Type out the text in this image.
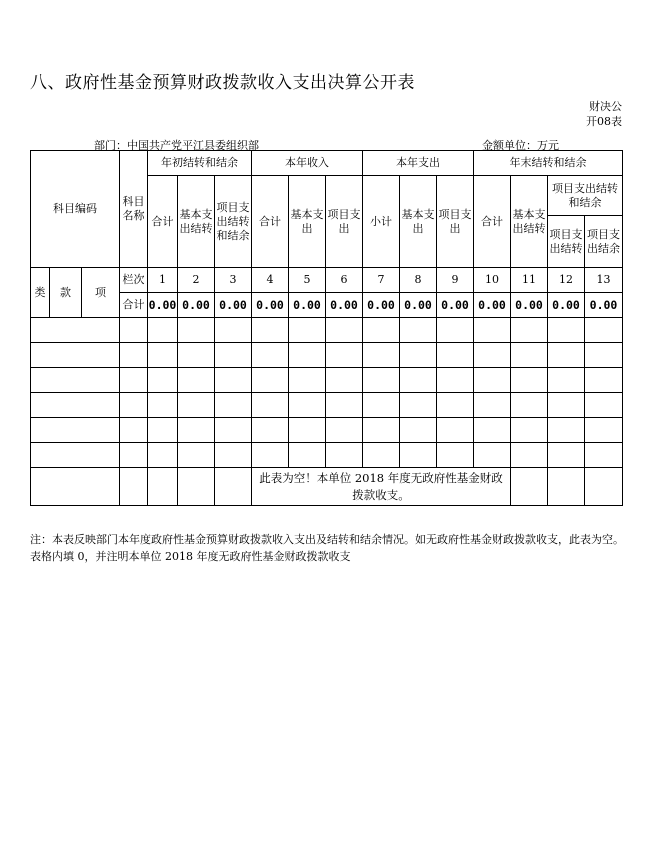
八、政府性基金预算财政拨款收入支出决算公开表
财决公
开08表
部门：中国共产党平江县委组织部	金额单位：万元
科目编码			科目名称	年初结转和结余			本年收入			本年支出			年末结转和结余			
				合计	基本支出结转	项目支出结转和结余	合计	基本支出	项目支出	小计	基本支出	项目支出	合计	基本支出结转	项目支出结转和结余	
															项目支出结转	项目支出结余

类	款	项	栏次	1	2	3	4	5	6	7	8	9	10	11	12	13
			合计	0.00	0.00	0.00	0.00	0.00	0.00	0.00	0.00	0.00	0.00	0.00	0.00	0.00

							此表为空！本单位 2018 年度无政府性基金财政拨款收支。									
注：本表反映部门本年度政府性基金预算财政拨款收入支出及结转和结余情况。如无政府性基金财政拨款收支，此表为空。表格内填 0，并注明本单位 2018 年度无政府性基金财政拨款收支
